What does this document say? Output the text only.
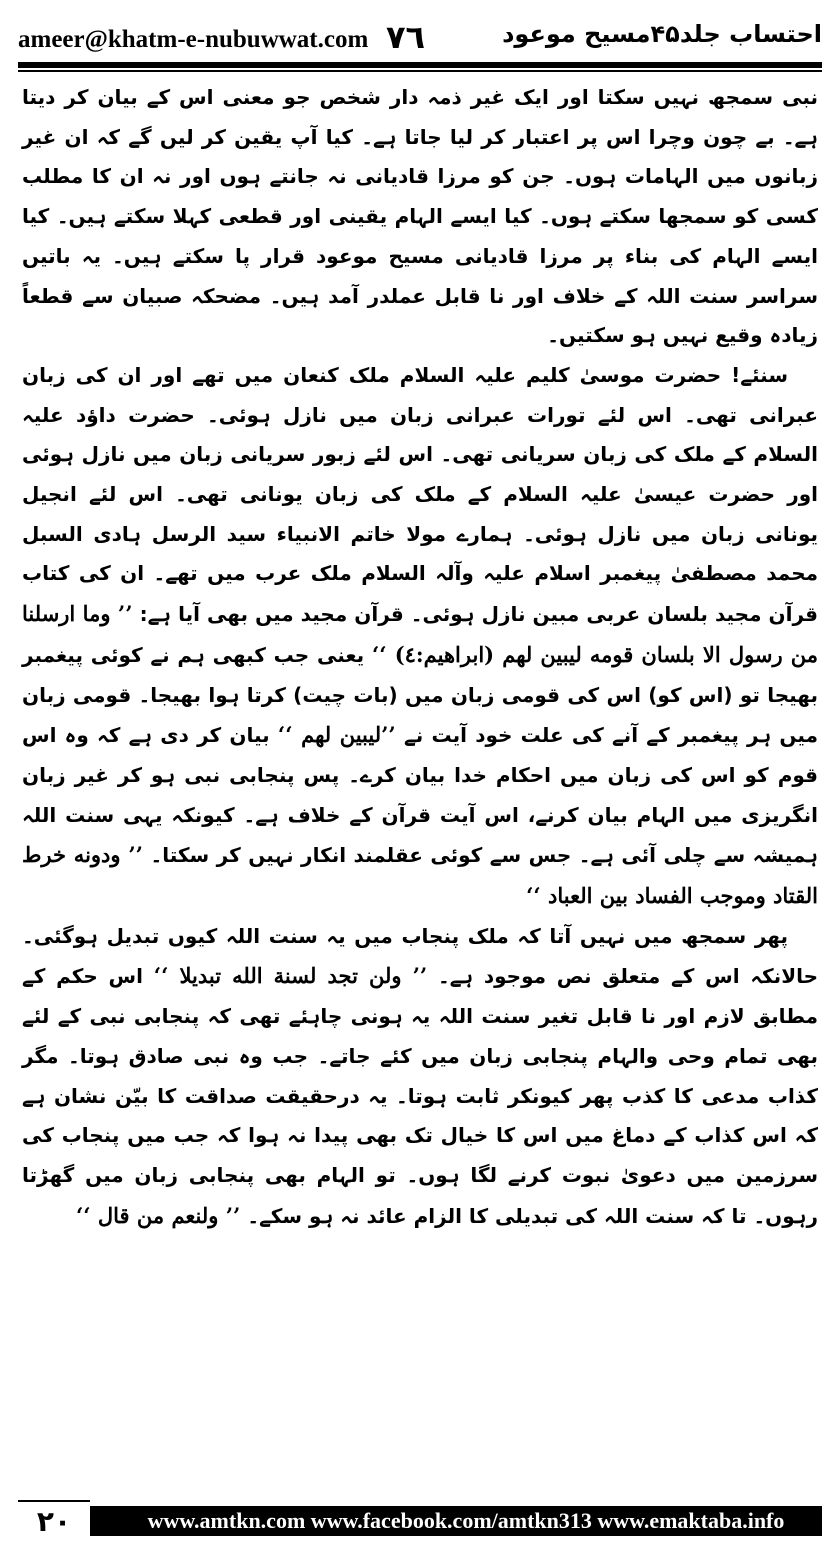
ameer@khatm-e-nubuwwat.com ۷٦	احتساب جلد۴۵مسیح موعود

نبی سمجھ نہیں سکتا اور ایک غیر ذمہ دار شخص جو معنی اس کے بیان کر دیتا ہے۔ بے چون وچرا اس پر اعتبار کر لیا جاتا ہے۔ کیا آپ یقین کر لیں گے کہ ان غیر زبانوں میں الہامات ہوں۔ جن کو مرزا قادیانی نہ جانتے ہوں اور نہ ان کا مطلب کسی کو سمجھا سکتے ہوں۔ کیا ایسے الہام یقینی اور قطعی کہلا سکتے ہیں۔ کیا ایسے الہام کی بناء پر مرزا قادیانی مسیح موعود قرار پا سکتے ہیں۔ یہ باتیں سراسر سنت اللہ کے خلاف اور نا قابل عملدر آمد ہیں۔ مضحکہ صبیان سے قطعاً زیادہ وقیع نہیں ہو سکتیں۔

سنئے! حضرت موسیٰ کلیم علیہ السلام ملک کنعان میں تھے اور ان کی زبان عبرانی تھی۔ اس لئے تورات عبرانی زبان میں نازل ہوئی۔ حضرت داؤد علیہ السلام کے ملک کی زبان سریانی تھی۔ اس لئے زبور سریانی زبان میں نازل ہوئی اور حضرت عیسیٰ علیہ السلام کے ملک کی زبان یونانی تھی۔ اس لئے انجیل یونانی زبان میں نازل ہوئی۔ ہمارے مولا خاتم الانبیاء سید الرسل ہادی السبل محمد مصطفیٰ پیغمبر اسلام علیہ وآلہ السلام ملک عرب میں تھے۔ ان کی کتاب قرآن مجید بلسان عربی مبین نازل ہوئی۔ قرآن مجید میں بھی آیا ہے: ’’ وما ارسلنا من رسول الا بلسان قومه ليبين لهم (ابراهيم:٤) ‘‘ یعنی جب کبھی ہم نے کوئی پیغمبر بھیجا تو (اس کو) اس کی قومی زبان میں (بات چیت) کرتا ہوا بھیجا۔ قومی زبان میں ہر پیغمبر کے آنے کی علت خود آیت نے ’’ليبين لهم ‘‘ بیان کر دی ہے کہ وہ اس قوم کو اس کی زبان میں احکام خدا بیان کرے۔ پس پنجابی نبی ہو کر غیر زبان انگریزی میں الہام بیان کرنے، اس آیت قرآن کے خلاف ہے۔ کیونکہ یہی سنت اللہ ہمیشہ سے چلی آئی ہے۔ جس سے کوئی عقلمند انکار نہیں کر سکتا۔ ’’ ودونه خرط القتاد وموجب الفساد بين العباد ‘‘

پھر سمجھ میں نہیں آتا کہ ملک پنجاب میں یہ سنت اللہ کیوں تبدیل ہوگئی۔ حالانکہ اس کے متعلق نص موجود ہے۔ ’’ ولن تجد لسنة الله تبديلا ‘‘ اس حکم کے مطابق لازم اور نا قابل تغیر سنت اللہ یہ ہونی چاہئے تھی کہ پنجابی نبی کے لئے بھی تمام وحی والہام پنجابی زبان میں کئے جاتے۔ جب وہ نبی صادق ہوتا۔ مگر کذاب مدعی کا کذب پھر کیونکر ثابت ہوتا۔ یہ درحقیقت صداقت کا بیّن نشان ہے کہ اس کذاب کے دماغ میں اس کا خیال تک بھی پیدا نہ ہوا کہ جب میں پنجاب کی سرزمین میں دعویٰ نبوت کرنے لگا ہوں۔ تو الہام بھی پنجابی زبان میں گھڑتا رہوں۔ تا کہ سنت اللہ کی تبدیلی کا الزام عائد نہ ہو سکے۔ ’’ ولنعم من قال ‘‘

۲۰	www.amtkn.com www.facebook.com/amtkn313 www.emaktaba.info
